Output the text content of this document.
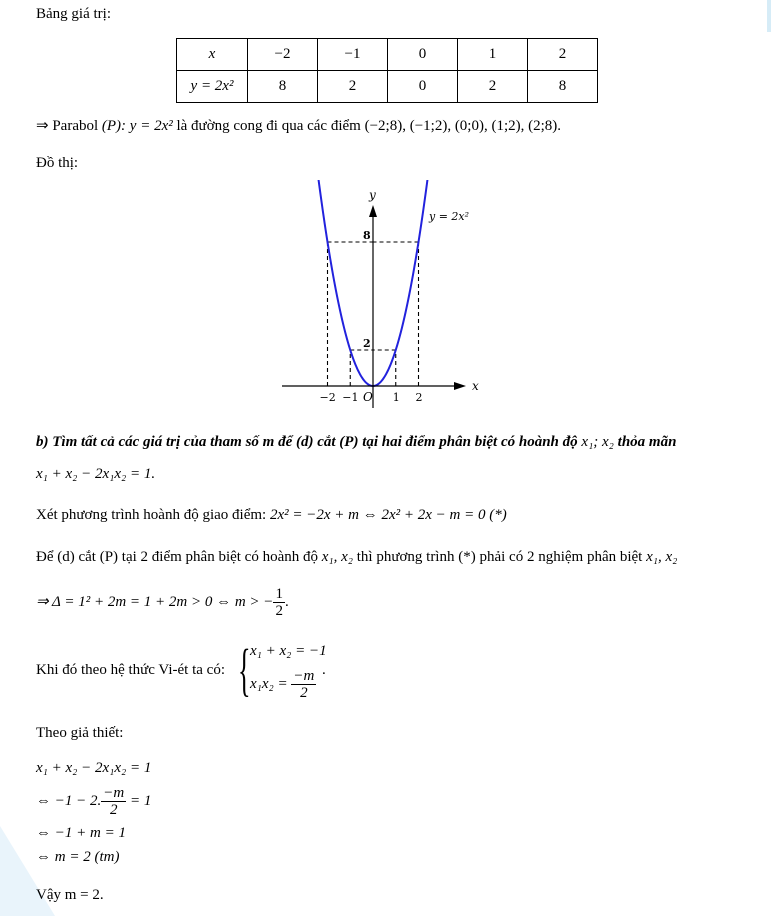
Bảng giá trị:
x	−2	−1	0	1	2
y = 2x²	8	2	0	2	8
⇒ Parabol (P): y = 2x² là đường cong đi qua các điểm (−2;8), (−1;2), (0;0), (1;2), (2;8).
Đồ thị:
x
y
O
y = 2x²
−2 −1	1 2
2
8
b) Tìm tất cả các giá trị của tham số m để (d) cắt (P) tại hai điểm phân biệt có hoành độ x₁; x₂ thỏa mãn
x₁ + x₂ − 2x₁x₂ = 1.
Xét phương trình hoành độ giao điểm: 2x² = −2x + m ⇔ 2x² + 2x − m = 0 (*)
Để (d) cắt (P) tại 2 điểm phân biệt có hoành độ x₁, x₂ thì phương trình (*) phải có 2 nghiệm phân biệt x₁, x₂
⇒ Δ = 1² + 2m = 1 + 2m > 0 ⇔ m > − $\frac{1}{2}$ .
Khi đó theo hệ thức Vi-ét ta có: { x₁ + x₂ = −1
$x_1x_2 = \frac{-m}{2}$ .
Theo giả thiết:
x₁ + x₂ − 2x₁x₂ = 1
⇔ −1 − 2. $\frac{-m}{2} = 1$
⇔ −1 + m = 1
⇔ m = 2 (tm)
Vậy m = 2.
